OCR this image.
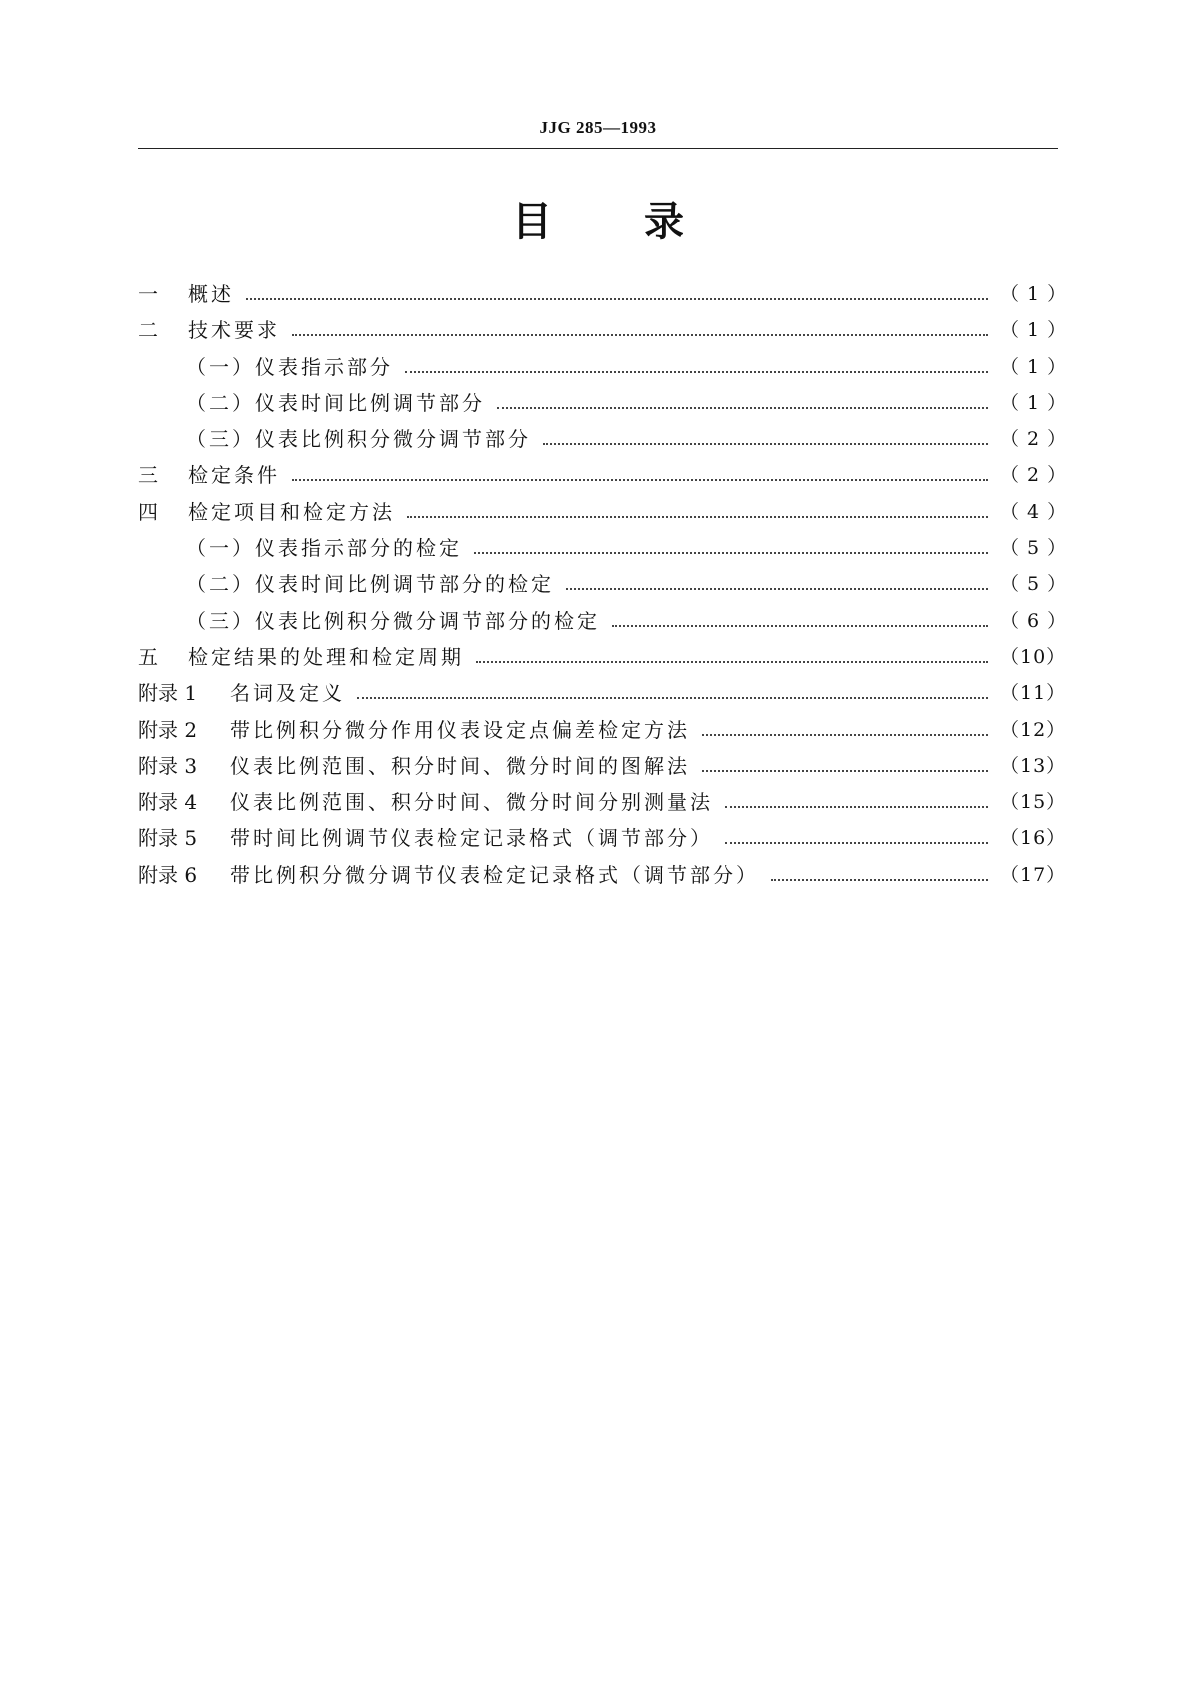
JJG 285—1993
目 录
一 概述	（ 1 ）
二 技术要求	（ 1 ）
（一）仪表指示部分	（ 1 ）
（二）仪表时间比例调节部分	（ 1 ）
（三）仪表比例积分微分调节部分	（ 2 ）
三 检定条件	（ 2 ）
四 检定项目和检定方法	（ 4 ）
（一）仪表指示部分的检定	（ 5 ）
（二）仪表时间比例调节部分的检定	（ 5 ）
（三）仪表比例积分微分调节部分的检定	（ 6 ）
五 检定结果的处理和检定周期	（10）
附录 1 名词及定义	（11）
附录 2 带比例积分微分作用仪表设定点偏差检定方法	（12）
附录 3 仪表比例范围、积分时间、微分时间的图解法	（13）
附录 4 仪表比例范围、积分时间、微分时间分别测量法	（15）
附录 5 带时间比例调节仪表检定记录格式（调节部分）	（16）
附录 6 带比例积分微分调节仪表检定记录格式（调节部分）	（17）
